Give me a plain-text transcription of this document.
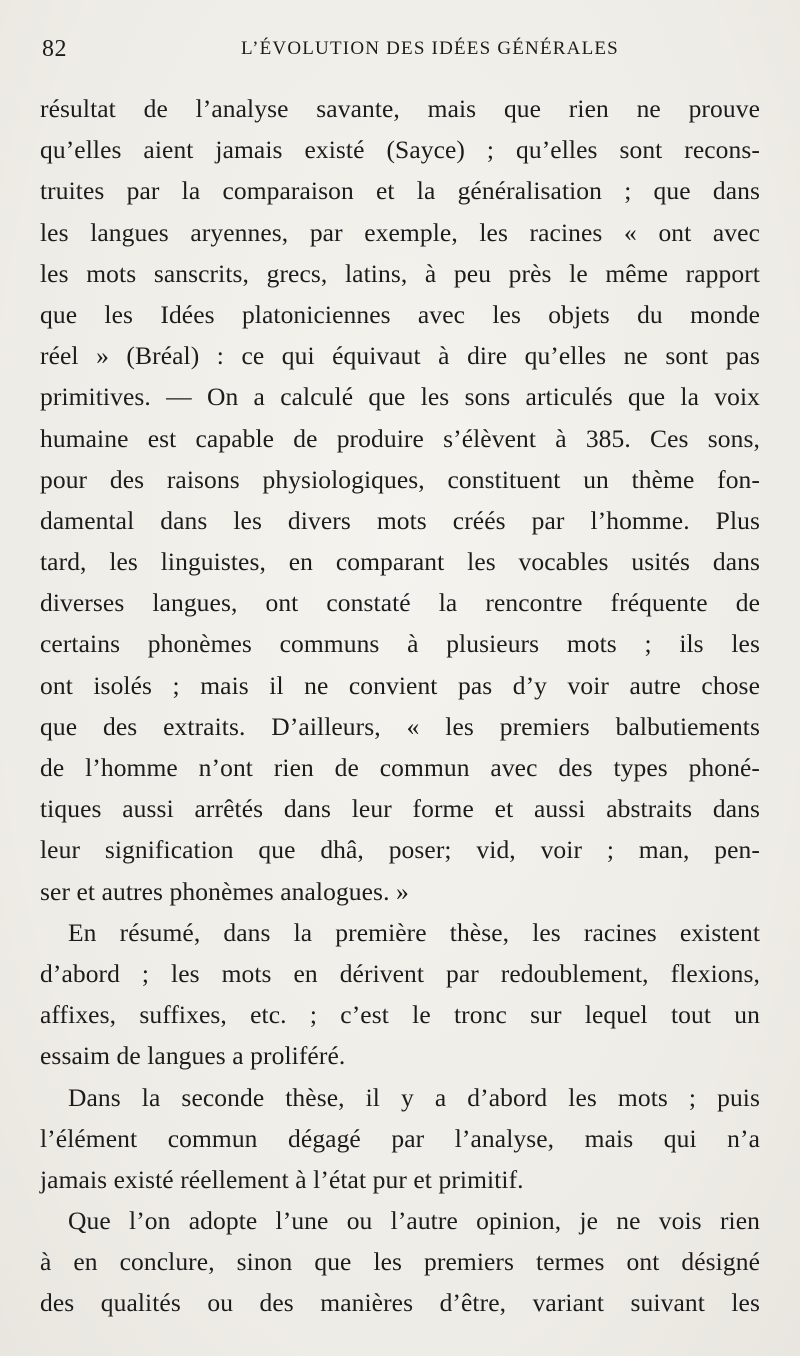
82	L’ÉVOLUTION DES IDÉES GÉNÉRALES
résultat de l’analyse savante, mais que rien ne prouve
qu’elles aient jamais existé (Sayce) ; qu’elles sont recons-
truites par la comparaison et la généralisation ; que dans
les langues aryennes, par exemple, les racines « ont avec
les mots sanscrits, grecs, latins, à peu près le même rapport
que les Idées platoniciennes avec les objets du monde
réel » (Bréal) : ce qui équivaut à dire qu’elles ne sont pas
primitives. — On a calculé que les sons articulés que la voix
humaine est capable de produire s’élèvent à 385. Ces sons,
pour des raisons physiologiques, constituent un thème fon-
damental dans les divers mots créés par l’homme. Plus
tard, les linguistes, en comparant les vocables usités dans
diverses langues, ont constaté la rencontre fréquente de
certains phonèmes communs à plusieurs mots ; ils les
ont isolés ; mais il ne convient pas d’y voir autre chose
que des extraits. D’ailleurs, « les premiers balbutiements
de l’homme n’ont rien de commun avec des types phoné-
tiques aussi arrêtés dans leur forme et aussi abstraits dans
leur signification que dhâ, poser; vid, voir ; man, pen-
ser et autres phonèmes analogues. »
En résumé, dans la première thèse, les racines existent
d’abord ; les mots en dérivent par redoublement, flexions,
affixes, suffixes, etc. ; c’est le tronc sur lequel tout un
essaim de langues a proliféré.
Dans la seconde thèse, il y a d’abord les mots ; puis
l’élément commun dégagé par l’analyse, mais qui n’a
jamais existé réellement à l’état pur et primitif.
Que l’on adopte l’une ou l’autre opinion, je ne vois rien
à en conclure, sinon que les premiers termes ont désigné
des qualités ou des manières d’être, variant suivant les
